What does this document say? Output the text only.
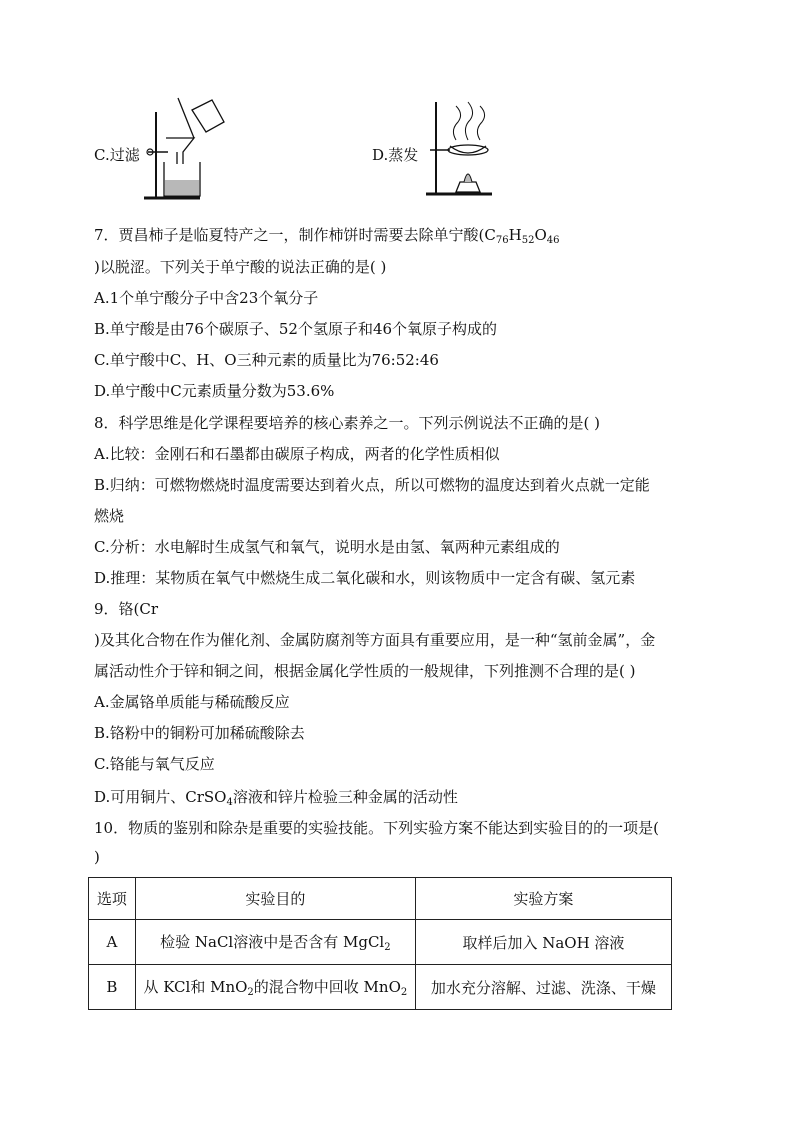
C.过滤	D.蒸发
7．贾昌柿子是临夏特产之一，制作柿饼时需要去除单宁酸($C_{76}H_{52}O_{46}$
)以脱涩。下列关于单宁酸的说法正确的是( )
A.1个单宁酸分子中含23个氧分子
B.单宁酸是由76个碳原子、52个氢原子和46个氧原子构成的
C.单宁酸中C、H、O三种元素的质量比为76:52:46
D.单宁酸中C元素质量分数为53.6%
8．科学思维是化学课程要培养的核心素养之一。下列示例说法不正确的是( )
A.比较：金刚石和石墨都由碳原子构成，两者的化学性质相似
B.归纳：可燃物燃烧时温度需要达到着火点，所以可燃物的温度达到着火点就一定能
燃烧
C.分析：水电解时生成氢气和氧气，说明水是由氢、氧两种元素组成的
D.推理：某物质在氧气中燃烧生成二氧化碳和水，则该物质中一定含有碳、氢元素
9．铬(Cr
)及其化合物在作为催化剂、金属防腐剂等方面具有重要应用，是一种“氢前金属”，金
属活动性介于锌和铜之间，根据金属化学性质的一般规律，下列推测不合理的是( )
A.金属铬单质能与稀硫酸反应
B.铬粉中的铜粉可加稀硫酸除去
C.铬能与氧气反应
D.可用铜片、CrSO$_4$溶液和锌片检验三种金属的活动性
10．物质的鉴别和除杂是重要的实验技能。下列实验方案不能达到实验目的的一项是(
)
选项	实验目的	实验方案
A	检验 NaCl溶液中是否含有 MgCl$_2$	取样后加入 NaOH 溶液
B	从 KCl和 MnO$_2$的混合物中回收 MnO$_2$	加水充分溶解、过滤、洗涤、干燥
